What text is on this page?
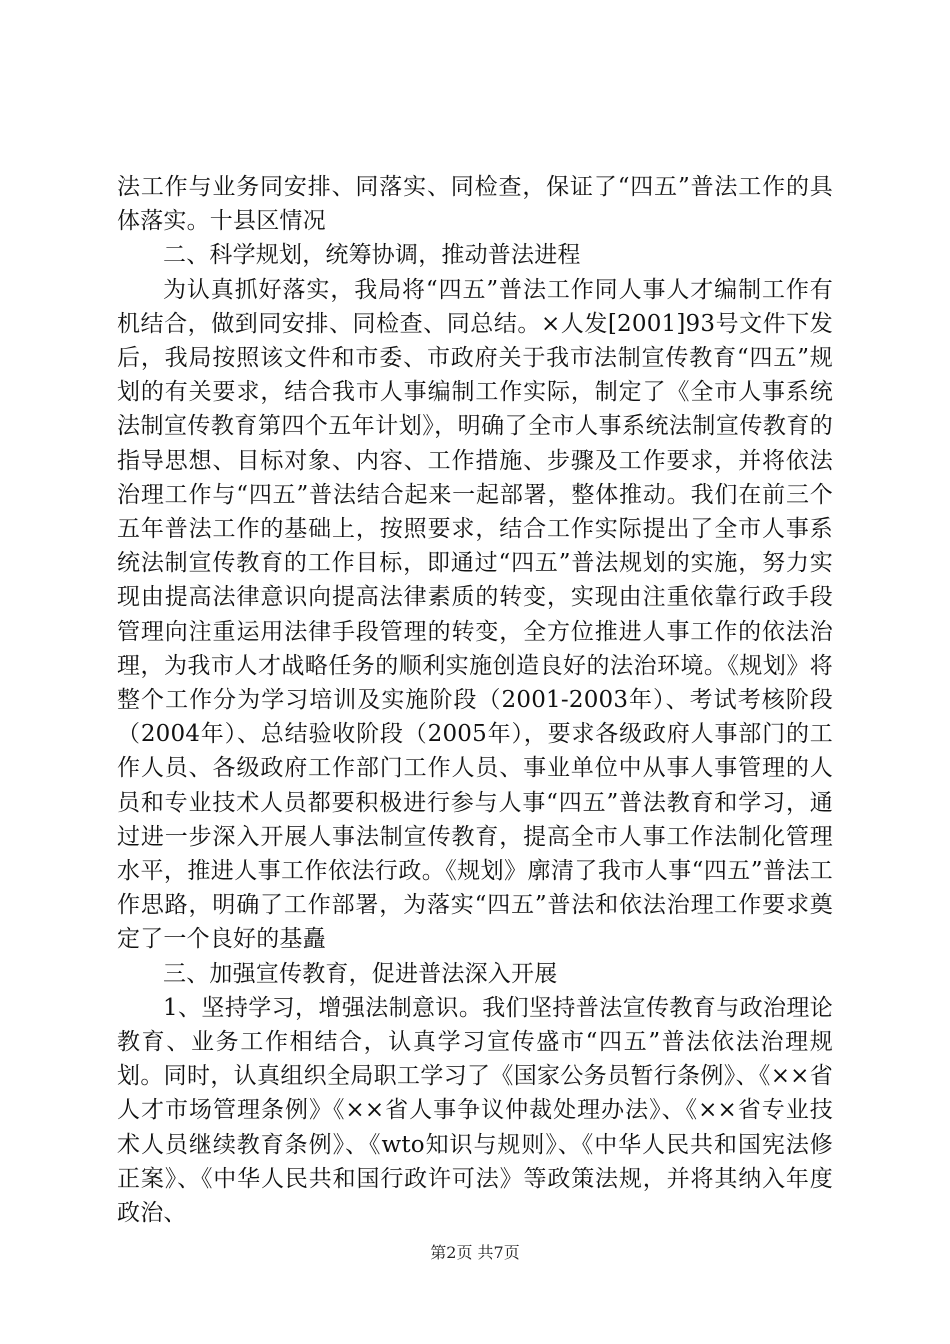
法工作与业务同安排、同落实、同检查，保证了“四五”普法工作的具体落实。十县区情况

二、科学规划，统筹协调，推动普法进程

为认真抓好落实，我局将“四五”普法工作同人事人才编制工作有机结合，做到同安排、同检查、同总结。×人发[2001]93号文件下发后，我局按照该文件和市委、市政府关于我市法制宣传教育“四五”规划的有关要求，结合我市人事编制工作实际，制定了《全市人事系统法制宣传教育第四个五年计划》，明确了全市人事系统法制宣传教育的指导思想、目标对象、内容、工作措施、步骤及工作要求，并将依法治理工作与“四五”普法结合起来一起部署，整体推动。我们在前三个五年普法工作的基础上，按照要求，结合工作实际提出了全市人事系统法制宣传教育的工作目标，即通过“四五”普法规划的实施，努力实现由提高法律意识向提高法律素质的转变，实现由注重依靠行政手段管理向注重运用法律手段管理的转变，全方位推进人事工作的依法治理，为我市人才战略任务的顺利实施创造良好的法治环境。《规划》将整个工作分为学习培训及实施阶段（2001-2003年）、考试考核阶段（2004年）、总结验收阶段（2005年），要求各级政府人事部门的工作人员、各级政府工作部门工作人员、事业单位中从事人事管理的人员和专业技术人员都要积极进行参与人事“四五”普法教育和学习，通过进一步深入开展人事法制宣传教育，提高全市人事工作法制化管理水平，推进人事工作依法行政。《规划》廓清了我市人事“四五”普法工作思路，明确了工作部署，为落实“四五”普法和依法治理工作要求奠定了一个良好的基矗

三、加强宣传教育，促进普法深入开展

1、坚持学习，增强法制意识。我们坚持普法宣传教育与政治理论教育、业务工作相结合，认真学习宣传盛市“四五”普法依法治理规划。同时，认真组织全局职工学习了《国家公务员暂行条例》、《××省人才市场管理条例》《××省人事争议仲裁处理办法》、《××省专业技术人员继续教育条例》、《wto知识与规则》、《中华人民共和国宪法修正案》、《中华人民共和国行政许可法》等政策法规，并将其纳入年度政治、

第2页 共7页
